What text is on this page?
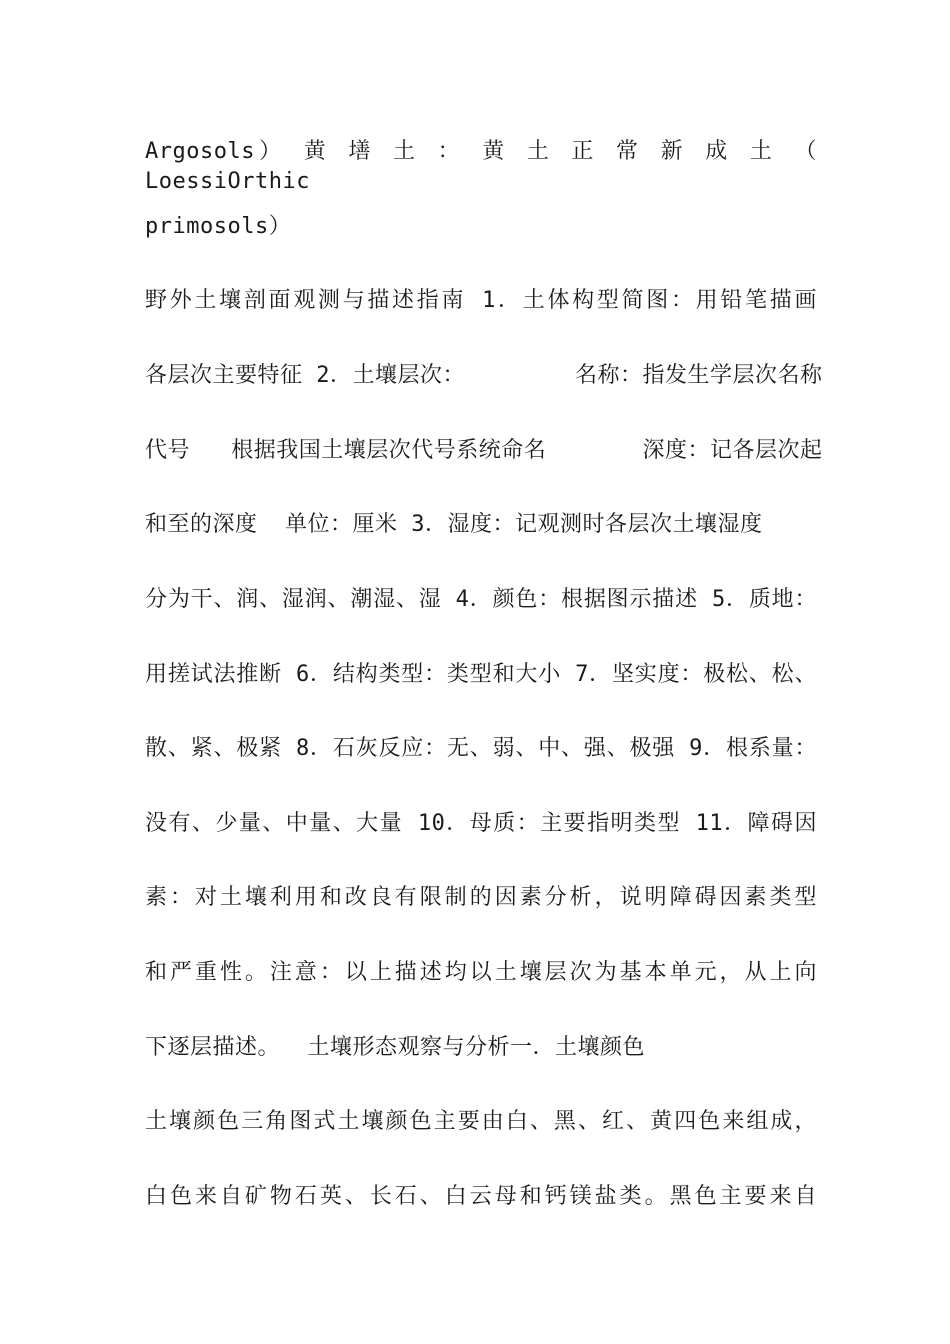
Argosols） 黄 墡 土 ： 黄 土 正 常 新 成 土 （ LoessiOrthic
primosols）
野外土壤剖面观测与描述指南 1．土体构型简图：用铅笔描画
各层次主要特征 2．土壤层次：        名称：指发生学层次名称
代号   根据我国土壤层次代号系统命名       深度：记各层次起
和至的深度  单位：厘米 3．湿度：记观测时各层次土壤湿度
分为干、润、湿润、潮湿、湿 4．颜色：根据图示描述 5．质地：
用搓试法推断 6．结构类型：类型和大小 7．坚实度：极松、松、
散、紧、极紧 8．石灰反应：无、弱、中、强、极强 9．根系量：
没有、少量、中量、大量 10．母质：主要指明类型 11．障碍因
素：对土壤利用和改良有限制的因素分析，说明障碍因素类型
和严重性。注意：以上描述均以土壤层次为基本单元，从上向
下逐层描述。  土壤形态观察与分析一．土壤颜色
土壤颜色三角图式土壤颜色主要由白、黑、红、黄四色来组成，
白色来自矿物石英、长石、白云母和钙镁盐类。黑色主要来自
